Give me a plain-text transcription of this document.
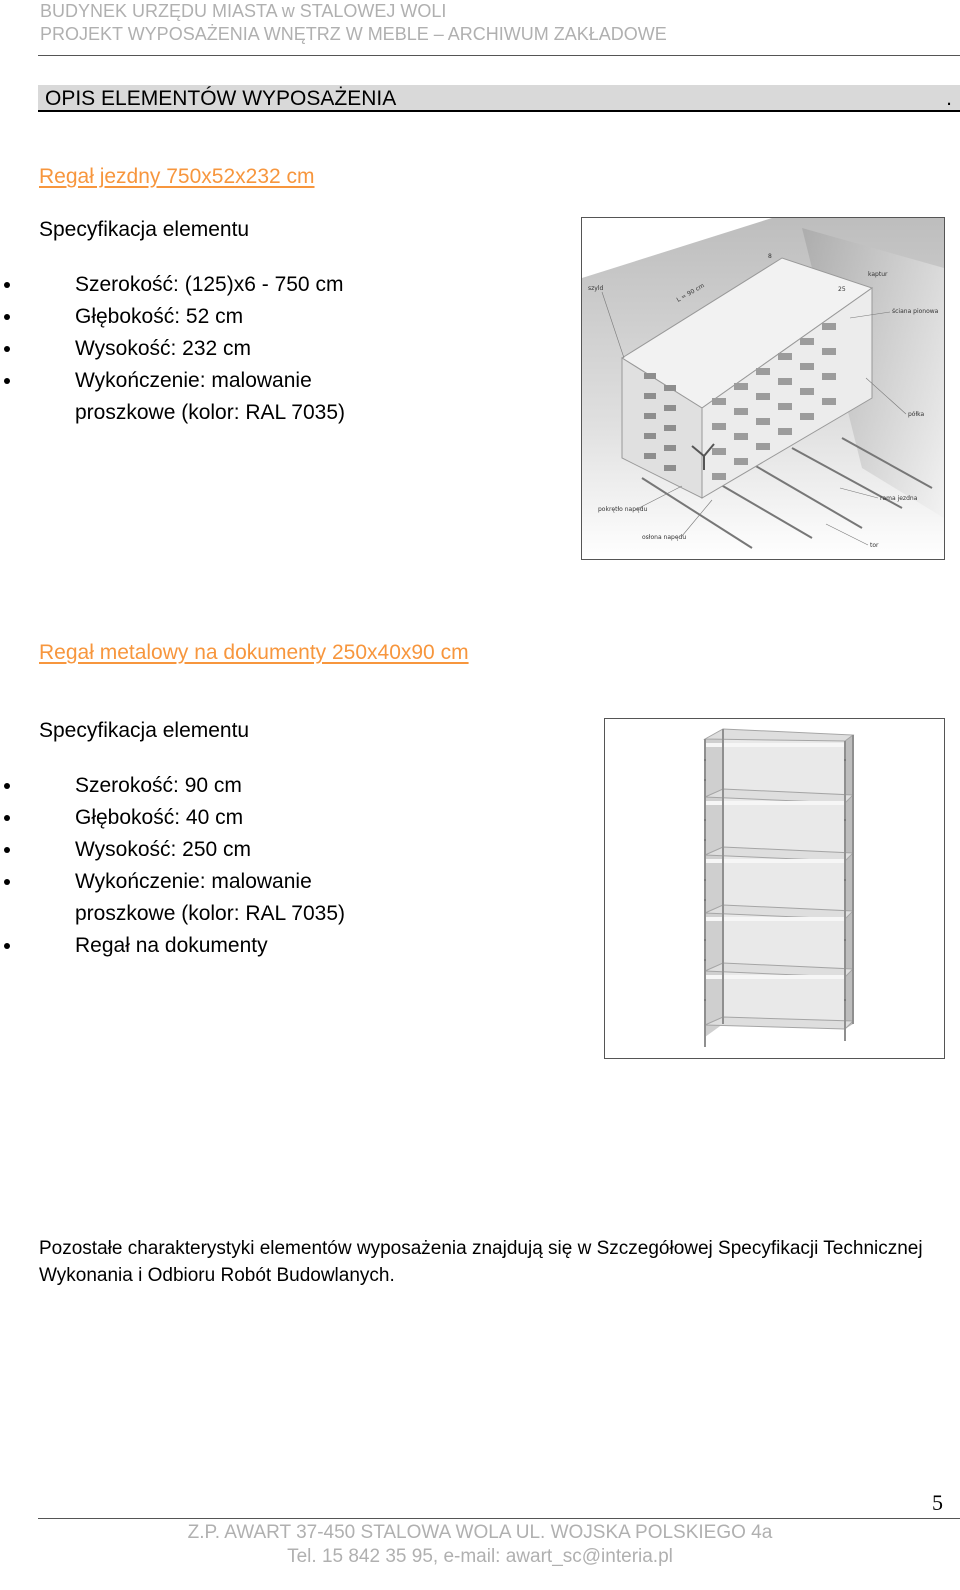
BUDYNEK URZĘDU MIASTA w STALOWEJ WOLI
PROJEKT WYPOSAŻENIA WNĘTRZ W MEBLE – ARCHIWUM ZAKŁADOWE
OPIS ELEMENTÓW WYPOSAŻENIA	.
Regał jezdny 750x52x232 cm
Specyfikacja elementu
Szerokość: (125)x6 - 750 cm
Głębokość: 52 cm
Wysokość: 232 cm
Wykończenie: malowanie proszkowe (kolor: RAL 7035)
szyld
kaptur
ściana pionowa
półka
rama jezdna
pokrętło napędu
osłona napędu
tor
8
25
L = 90 cm
Regał metalowy na dokumenty 250x40x90 cm
Specyfikacja elementu
Szerokość: 90 cm
Głębokość: 40 cm
Wysokość: 250 cm
Wykończenie: malowanie proszkowe (kolor: RAL 7035)
Regał na dokumenty
Pozostałe charakterystyki elementów wyposażenia znajdują się w Szczegółowej Specyfikacji Technicznej Wykonania i Odbioru Robót Budowlanych.
5
Z.P. AWART 37-450 STALOWA WOLA UL. WOJSKA POLSKIEGO 4a
Tel. 15 842 35 95, e-mail: awart_sc@interia.pl
